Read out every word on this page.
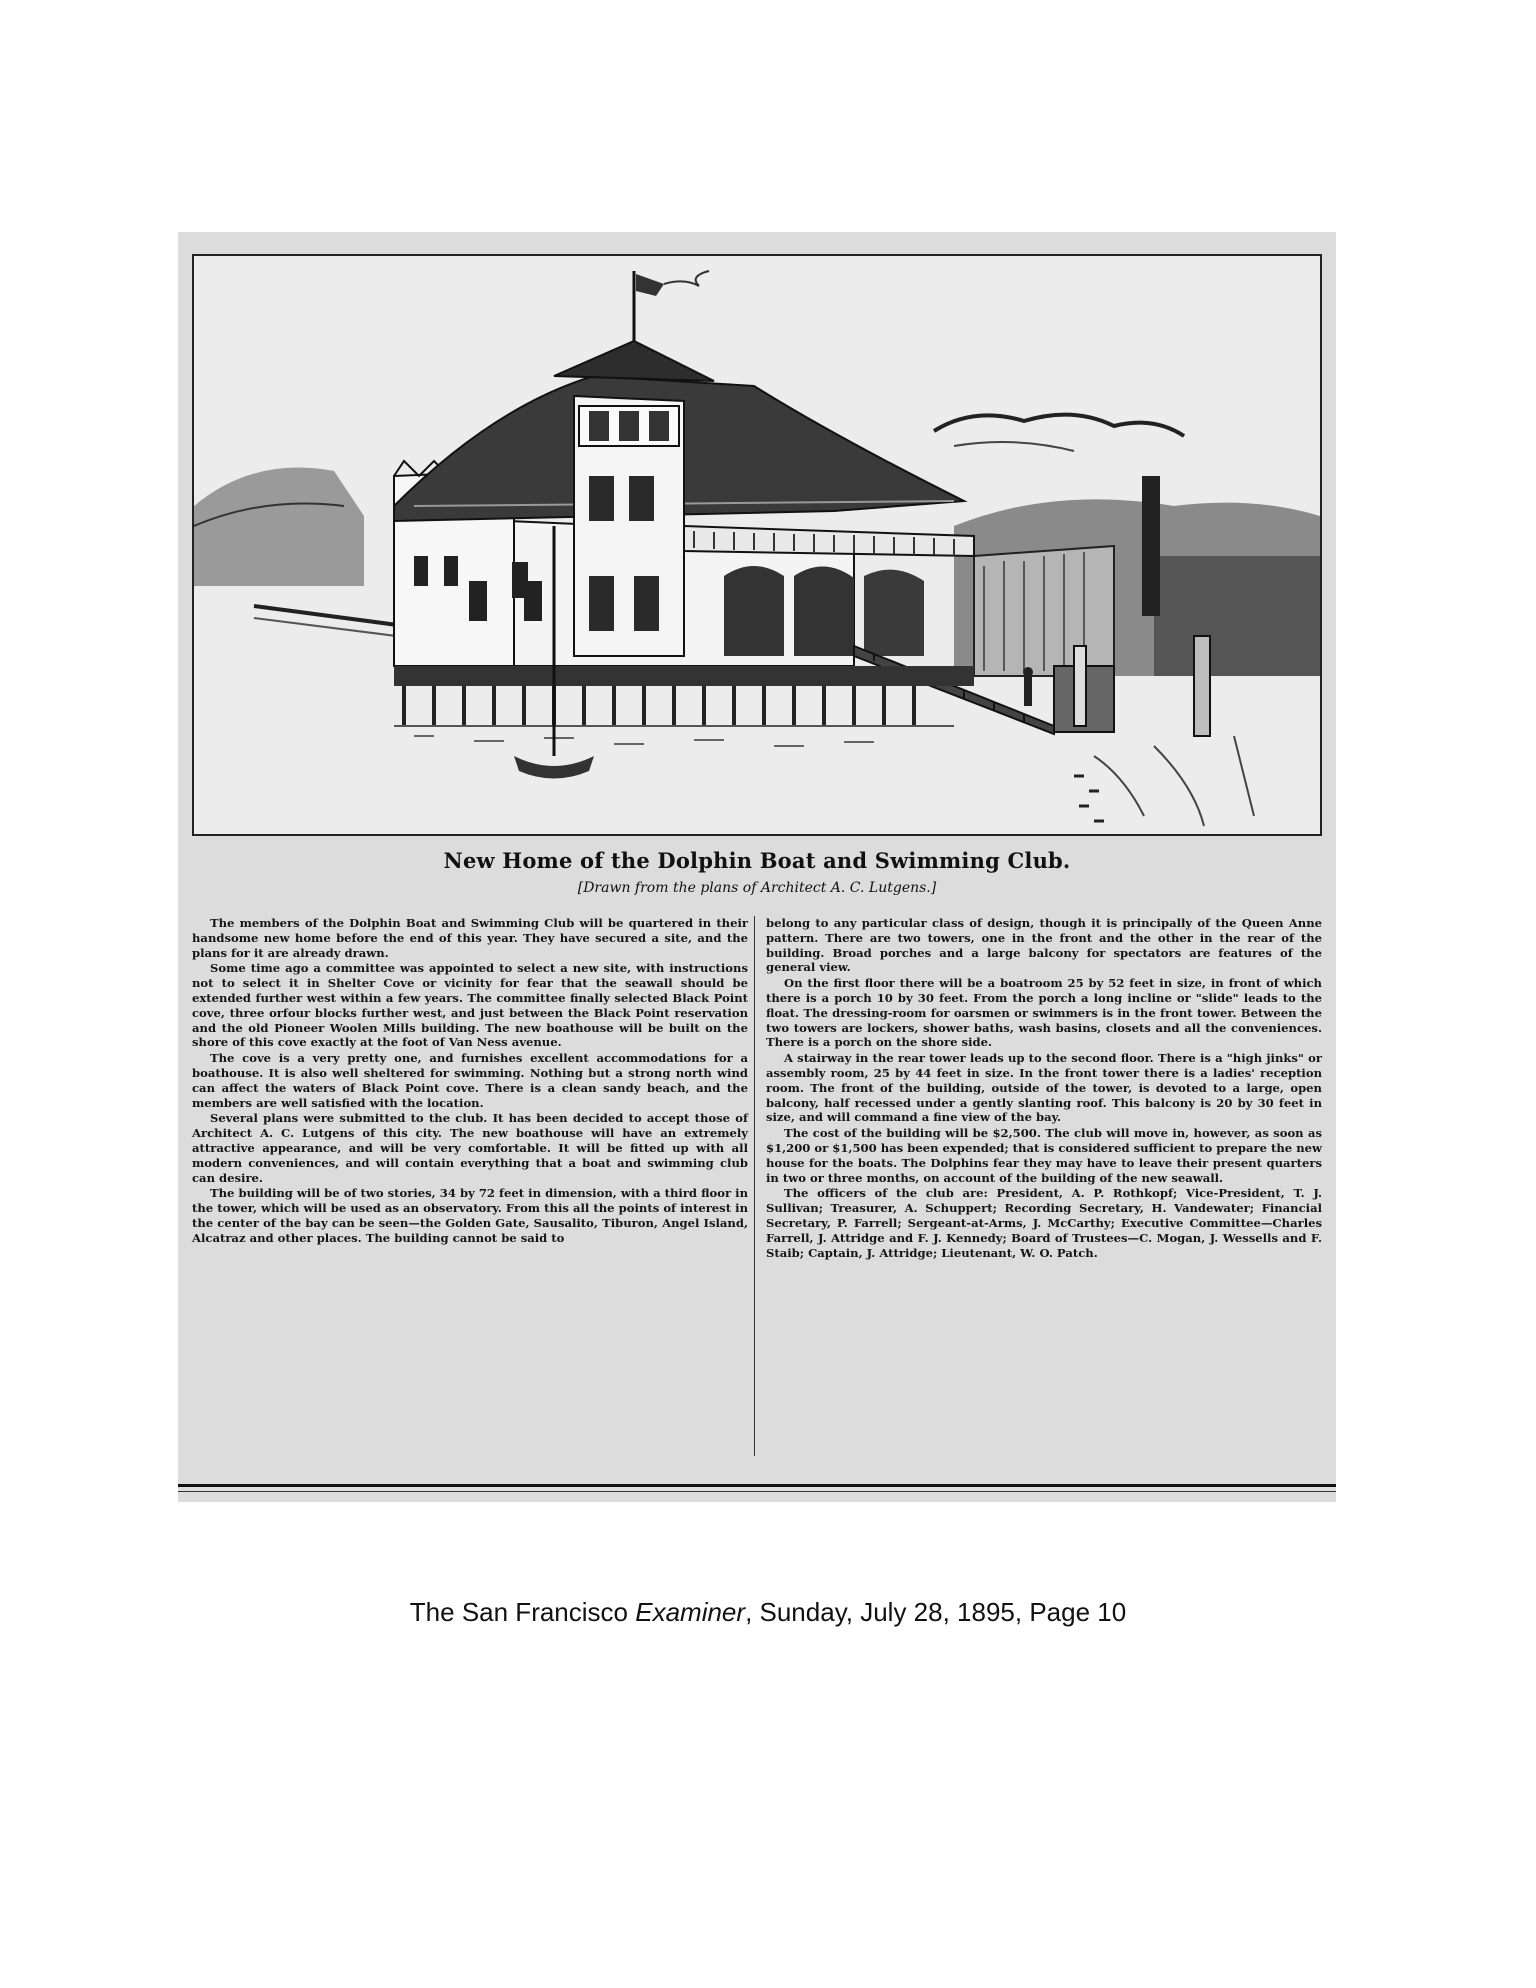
New Home of the Dolphin Boat and Swimming Club.
[Drawn from the plans of Architect A. C. Lutgens.]

The members of the Dolphin Boat and Swimming Club will be quartered in their handsome new home before the end of this year. They have secured a site, and the plans for it are already drawn.

Some time ago a committee was appointed to select a new site, with instructions not to select it in Shelter Cove or vicinity for fear that the seawall should be extended further west within a few years. The committee finally selected Black Point cove, three orfour blocks further west, and just between the Black Point reservation and the old Pioneer Woolen Mills building. The new boathouse will be built on the shore of this cove exactly at the foot of Van Ness avenue.

The cove is a very pretty one, and furnishes excellent accommodations for a boathouse. It is also well sheltered for swimming. Nothing but a strong north wind can affect the waters of Black Point cove. There is a clean sandy beach, and the members are well satisfied with the location.

Several plans were submitted to the club. It has been decided to accept those of Architect A. C. Lutgens of this city. The new boathouse will have an extremely attractive appearance, and will be very comfortable. It will be fitted up with all modern conveniences, and will contain everything that a boat and swimming club can desire.

The building will be of two stories, 34 by 72 feet in dimension, with a third floor in the tower, which will be used as an observatory. From this all the points of interest in the center of the bay can be seen—the Golden Gate, Sausalito, Tiburon, Angel Island, Alcatraz and other places. The building cannot be said to

belong to any particular class of design, though it is principally of the Queen Anne pattern. There are two towers, one in the front and the other in the rear of the building. Broad porches and a large balcony for spectators are features of the general view.

On the first floor there will be a boatroom 25 by 52 feet in size, in front of which there is a porch 10 by 30 feet. From the porch a long incline or "slide" leads to the float. The dressing-room for oarsmen or swimmers is in the front tower. Between the two towers are lockers, shower baths, wash basins, closets and all the conveniences. There is a porch on the shore side.

A stairway in the rear tower leads up to the second floor. There is a "high jinks" or assembly room, 25 by 44 feet in size. In the front tower there is a ladies' reception room. The front of the building, outside of the tower, is devoted to a large, open balcony, half recessed under a gently slanting roof. This balcony is 20 by 30 feet in size, and will command a fine view of the bay.

The cost of the building will be $2,500. The club will move in, however, as soon as $1,200 or $1,500 has been expended; that is considered sufficient to prepare the new house for the boats. The Dolphins fear they may have to leave their present quarters in two or three months, on account of the building of the new seawall.

The officers of the club are: President, A. P. Rothkopf; Vice-President, T. J. Sullivan; Treasurer, A. Schuppert; Recording Secretary, H. Vandewater; Financial Secretary, P. Farrell; Sergeant-at-Arms, J. McCarthy; Executive Committee—Charles Farrell, J. Attridge and F. J. Kennedy; Board of Trustees—C. Mogan, J. Wessells and F. Staib; Captain, J. Attridge; Lieutenant, W. O. Patch.

The San Francisco Examiner, Sunday, July 28, 1895, Page 10
